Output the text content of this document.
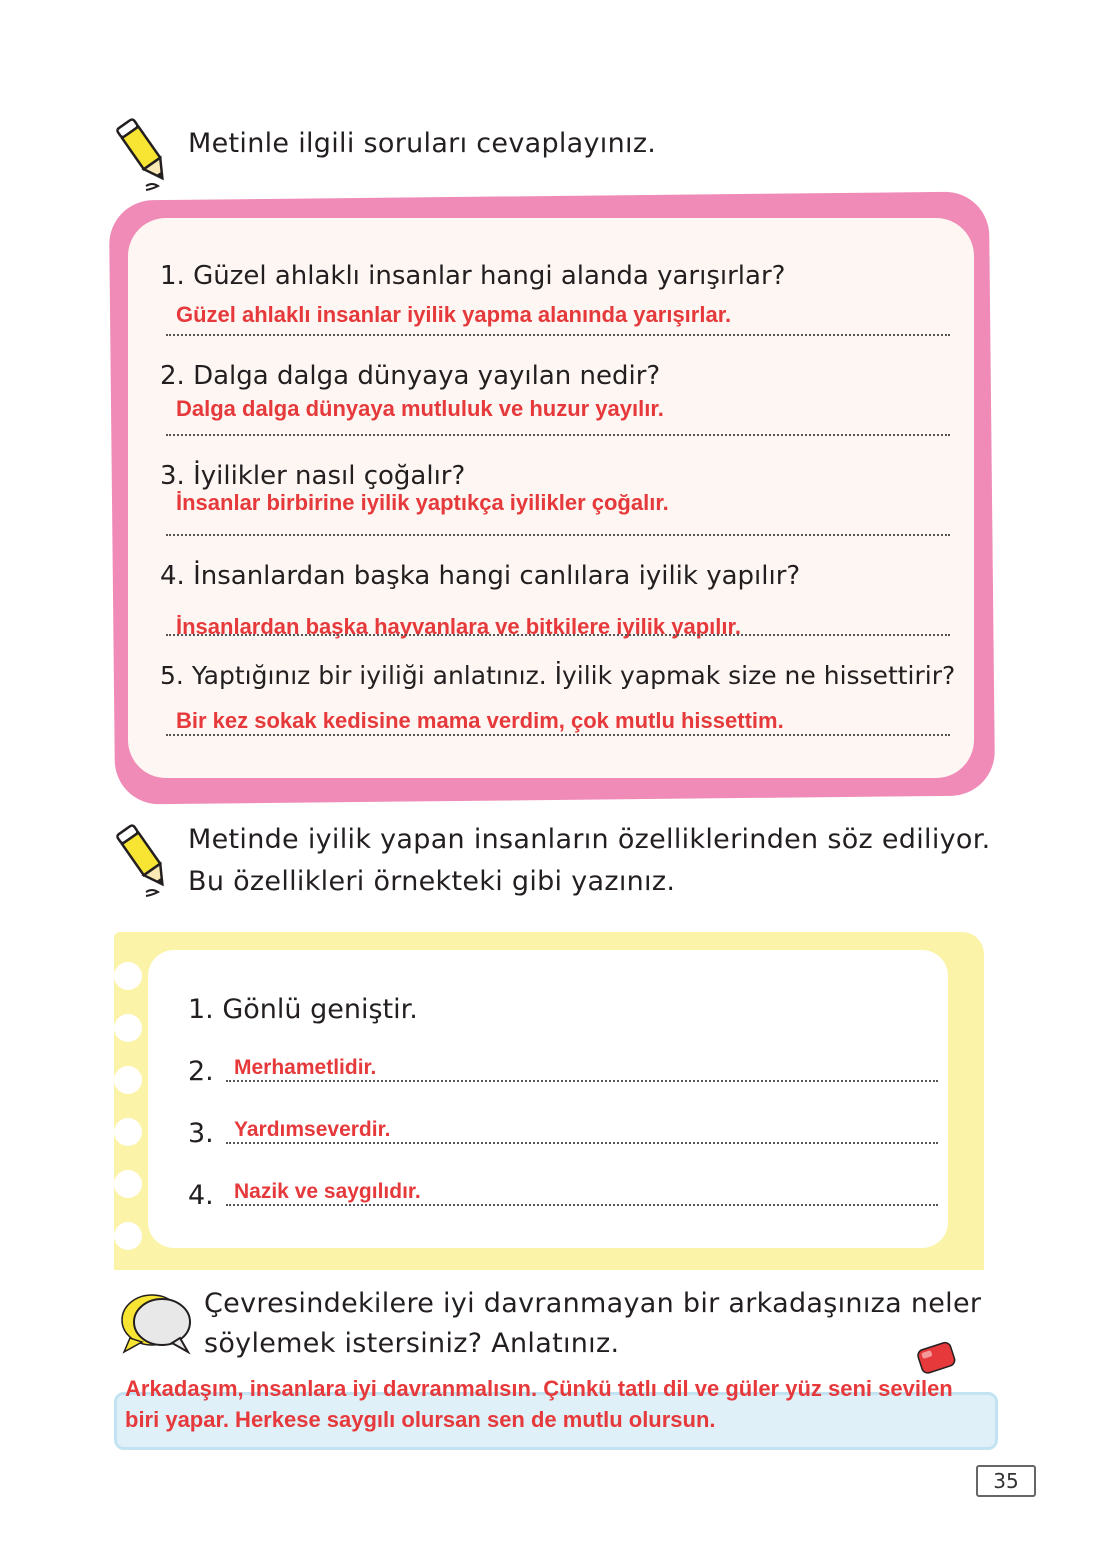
Metinle ilgili soruları cevaplayınız.
1. Güzel ahlaklı insanlar hangi alanda yarışırlar?
Güzel ahlaklı insanlar iyilik yapma alanında yarışırlar.
2. Dalga dalga dünyaya yayılan nedir?
Dalga dalga dünyaya mutluluk ve huzur yayılır.
3. İyilikler nasıl çoğalır?
İnsanlar birbirine iyilik yaptıkça iyilikler çoğalır.
4. İnsanlardan başka hangi canlılara iyilik yapılır?
İnsanlardan başka hayvanlara ve bitkilere iyilik yapılır.
5. Yaptığınız bir iyiliği anlatınız. İyilik yapmak size ne hissettirir?
Bir kez sokak kedisine mama verdim, çok mutlu hissettim.
Metinde iyilik yapan insanların özelliklerinden söz ediliyor.
Bu özellikleri örnekteki gibi yazınız.
1. Gönlü geniştir.
2. Merhametlidir.
3. Yardımseverdir.
4. Nazik ve saygılıdır.
Çevresindekilere iyi davranmayan bir arkadaşınıza neler
söylemek istersiniz? Anlatınız.
Arkadaşım, insanlara iyi davranmalısın. Çünkü tatlı dil ve güler yüz seni sevilen
biri yapar. Herkese saygılı olursan sen de mutlu olursun.
35
